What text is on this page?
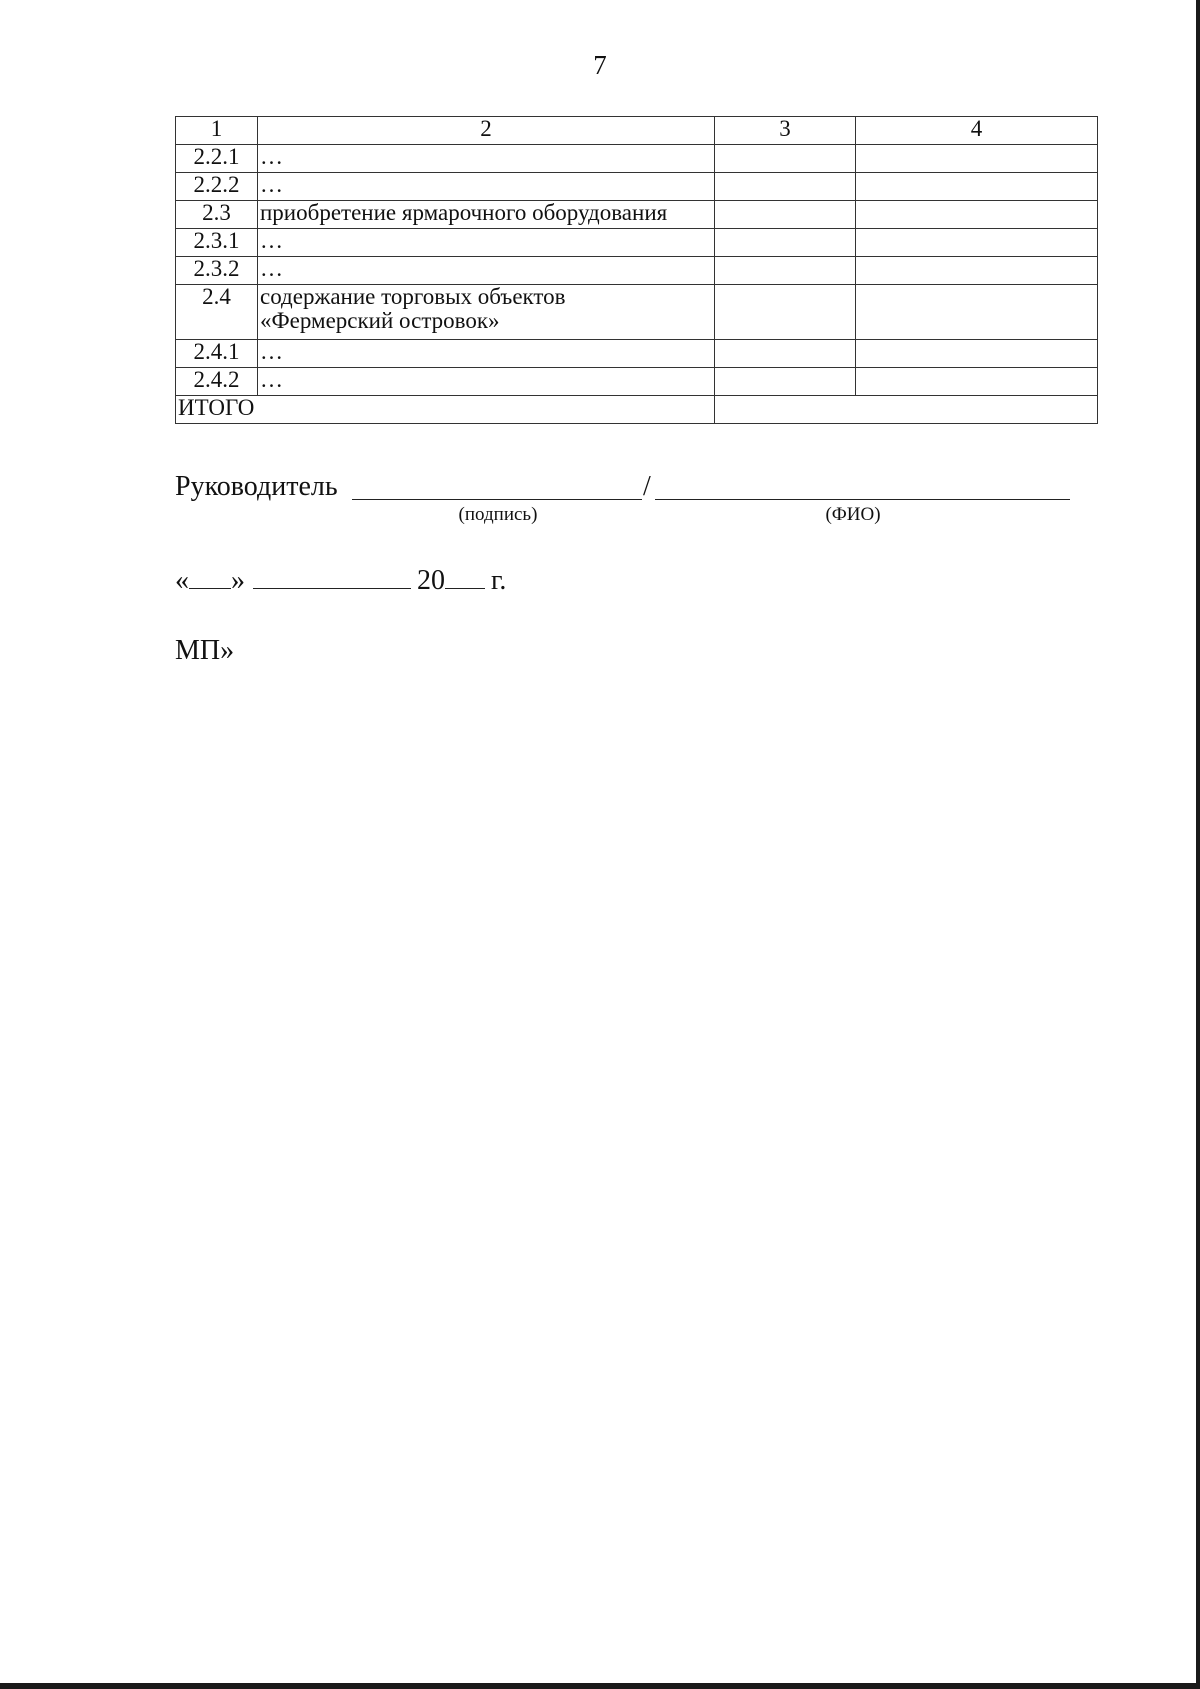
7
1	2	3	4
2.2.1	…		
2.2.2	…		
2.3	приобретение ярмарочного оборудования		
2.3.1	…		
2.3.2	…		
2.4	содержание торговых объектов
«Фермерский островок»		

2.4.1	…		
2.4.2	…		
ИТОГО			
Руководитель	/
(подпись)	(ФИО)
« »	20 г.
МП»
